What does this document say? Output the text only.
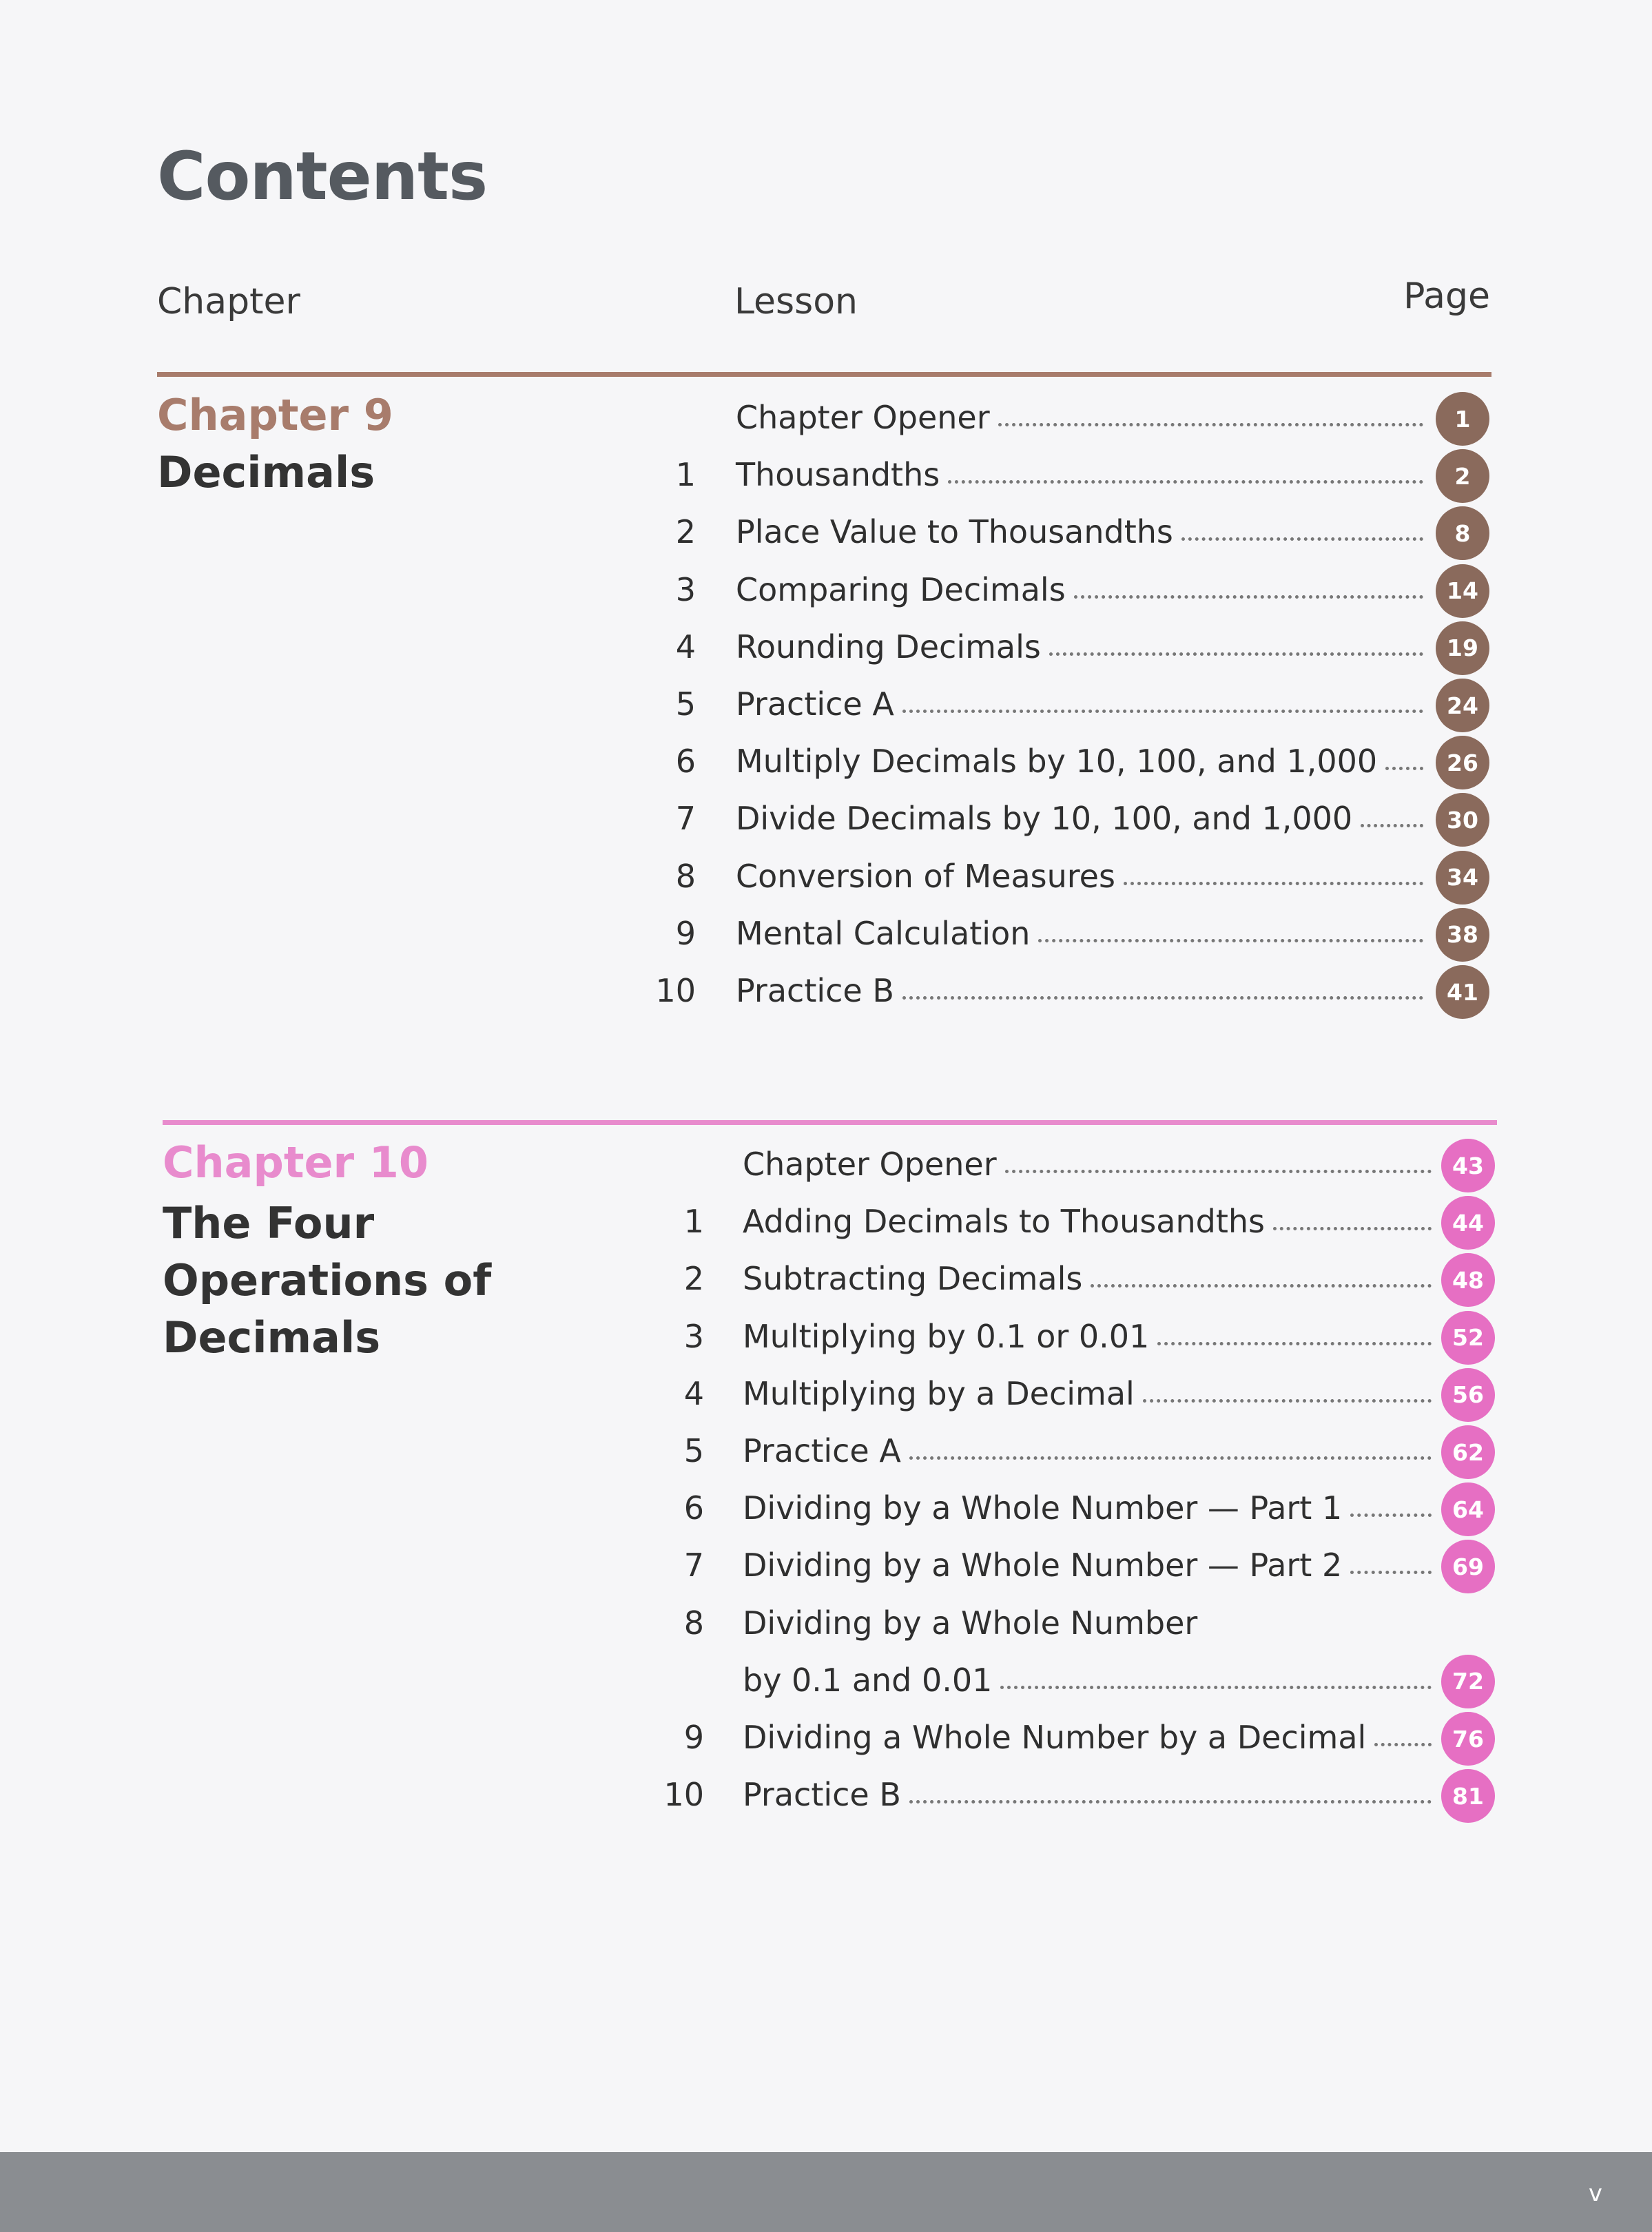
Contents
Chapter	Lesson	Page
Chapter 9
Decimals
Chapter Opener	1
1 Thousandths	2
2 Place Value to Thousandths	8
3 Comparing Decimals	14
4 Rounding Decimals	19
5 Practice A	24
6 Multiply Decimals by 10, 100, and 1,000	26
7 Divide Decimals by 10, 100, and 1,000	30
8 Conversion of Measures	34
9 Mental Calculation	38
10 Practice B	41
Chapter 10
The Four
Operations of
Decimals
Chapter Opener	43
1 Adding Decimals to Thousandths	44
2 Subtracting Decimals	48
3 Multiplying by 0.1 or 0.01	52
4 Multiplying by a Decimal	56
5 Practice A	62
6 Dividing by a Whole Number — Part 1	64
7 Dividing by a Whole Number — Part 2	69
8 Dividing by a Whole Number
by 0.1 and 0.01	72
9 Dividing a Whole Number by a Decimal	76
10 Practice B	81
v
